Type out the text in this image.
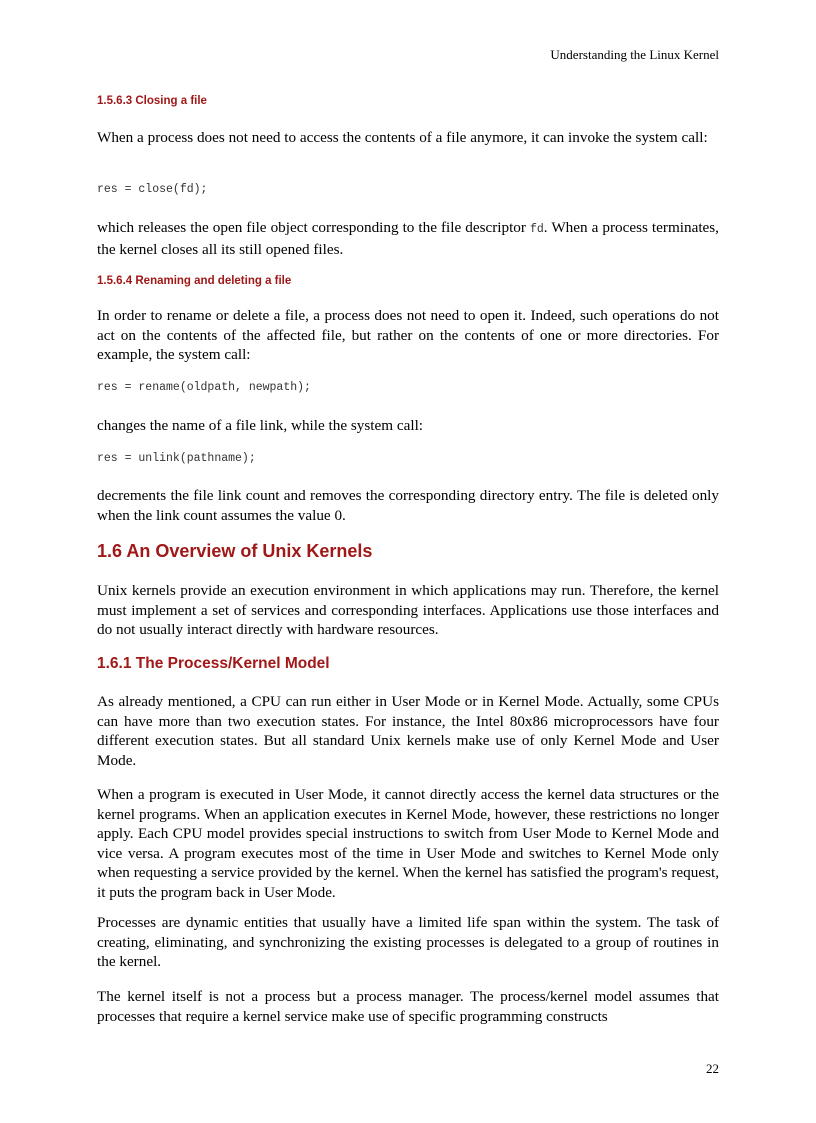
Understanding the Linux Kernel
1.5.6.3 Closing a file

When a process does not need to access the contents of a file anymore, it can invoke the system call:

res = close(fd);

which releases the open file object corresponding to the file descriptor fd. When a process terminates, the kernel closes all its still opened files.

1.5.6.4 Renaming and deleting a file

In order to rename or delete a file, a process does not need to open it. Indeed, such operations do not act on the contents of the affected file, but rather on the contents of one or more directories. For example, the system call:

res = rename(oldpath, newpath);

changes the name of a file link, while the system call:

res = unlink(pathname);

decrements the file link count and removes the corresponding directory entry. The file is deleted only when the link count assumes the value 0.

1.6 An Overview of Unix Kernels

Unix kernels provide an execution environment in which applications may run. Therefore, the kernel must implement a set of services and corresponding interfaces. Applications use those interfaces and do not usually interact directly with hardware resources.

1.6.1 The Process/Kernel Model

As already mentioned, a CPU can run either in User Mode or in Kernel Mode. Actually, some CPUs can have more than two execution states. For instance, the Intel 80x86 microprocessors have four different execution states. But all standard Unix kernels make use of only Kernel Mode and User Mode.

When a program is executed in User Mode, it cannot directly access the kernel data structures or the kernel programs. When an application executes in Kernel Mode, however, these restrictions no longer apply. Each CPU model provides special instructions to switch from User Mode to Kernel Mode and vice versa. A program executes most of the time in User Mode and switches to Kernel Mode only when requesting a service provided by the kernel. When the kernel has satisfied the program's request, it puts the program back in User Mode.

Processes are dynamic entities that usually have a limited life span within the system. The task of creating, eliminating, and synchronizing the existing processes is delegated to a group of routines in the kernel.

The kernel itself is not a process but a process manager. The process/kernel model assumes that processes that require a kernel service make use of specific programming constructs

22
